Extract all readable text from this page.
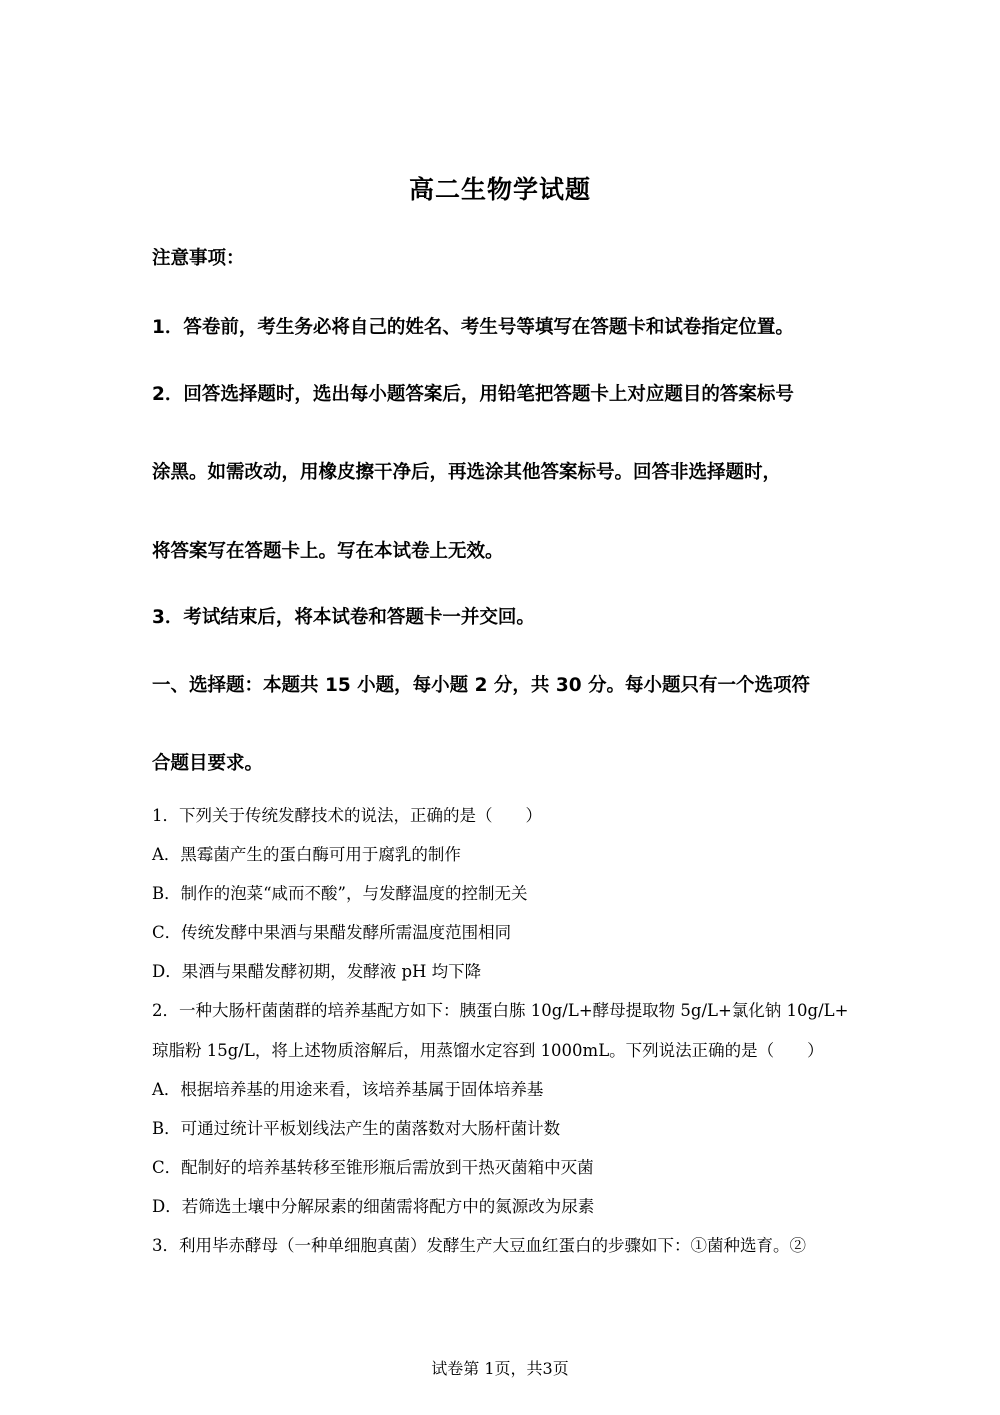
高二生物学试题
注意事项：
1．答卷前，考生务必将自己的姓名、考生号等填写在答题卡和试卷指定位置。
2．回答选择题时，选出每小题答案后，用铅笔把答题卡上对应题目的答案标号
涂黑。如需改动，用橡皮擦干净后，再选涂其他答案标号。回答非选择题时，
将答案写在答题卡上。写在本试卷上无效。
3．考试结束后，将本试卷和答题卡一并交回。
一、选择题：本题共 15 小题，每小题 2 分，共 30 分。每小题只有一个选项符
合题目要求。
1．下列关于传统发酵技术的说法，正确的是（　　）
A．黑霉菌产生的蛋白酶可用于腐乳的制作
B．制作的泡菜“咸而不酸”，与发酵温度的控制无关
C．传统发酵中果酒与果醋发酵所需温度范围相同
D．果酒与果醋发酵初期，发酵液 pH 均下降
2．一种大肠杆菌菌群的培养基配方如下：胰蛋白胨 10g/L+酵母提取物 5g/L+氯化钠 10g/L+
琼脂粉 15g/L，将上述物质溶解后，用蒸馏水定容到 1000mL。下列说法正确的是（　　）
A．根据培养基的用途来看，该培养基属于固体培养基
B．可通过统计平板划线法产生的菌落数对大肠杆菌计数
C．配制好的培养基转移至锥形瓶后需放到干热灭菌箱中灭菌
D．若筛选土壤中分解尿素的细菌需将配方中的氮源改为尿素
3．利用毕赤酵母（一种单细胞真菌）发酵生产大豆血红蛋白的步骤如下：①菌种选育。②
试卷第 1页，共3页
